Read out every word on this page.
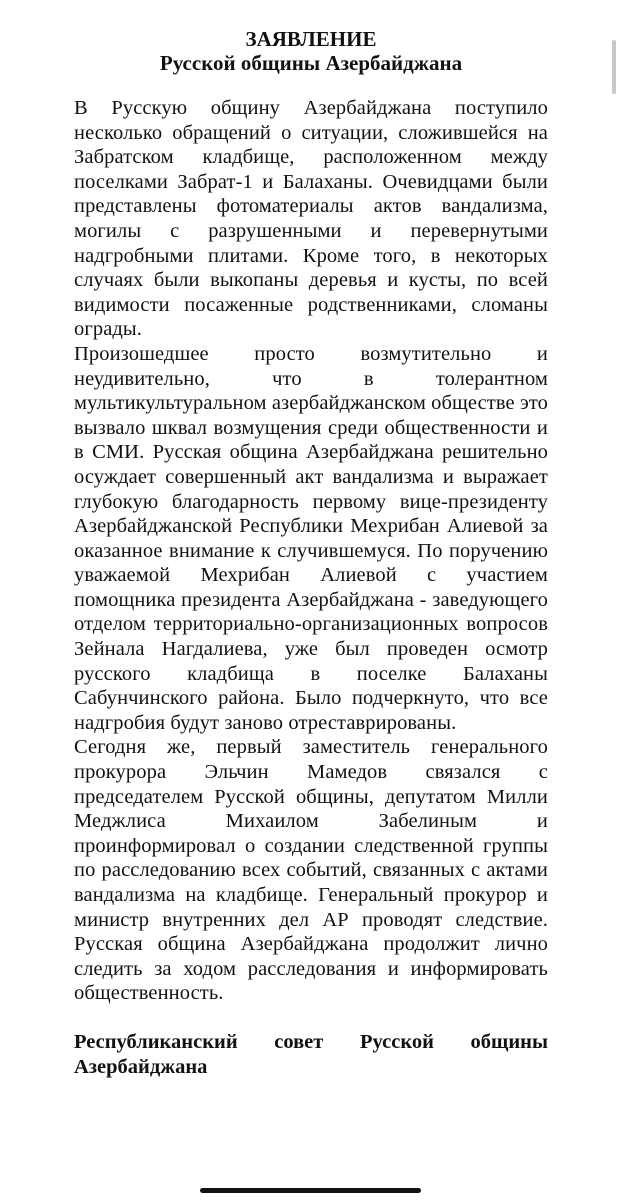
ЗАЯВЛЕНИЕ

Русской общины Азербайджана

В Русскую общину Азербайджана поступило несколько обращений о ситуации, сложившейся на Забратском кладбище, расположенном между поселками Забрат-1 и Балаханы. Очевидцами были представлены фотоматериалы актов вандализма, могилы с разрушенными и перевернутыми надгробными плитами. Кроме того, в некоторых случаях были выкопаны деревья и кусты, по всей видимости посаженные родственниками, сломаны ограды.

Произошедшее просто возмутительно и неудивительно, что в толерантном мультикультуральном азербайджанском обществе это вызвало шквал возмущения среди общественности и в СМИ. Русская община Азербайджана решительно осуждает совершенный акт вандализма и выражает глубокую благодарность первому вице-президенту Азербайджанской Республики Мехрибан Алиевой за оказанное внимание к случившемуся. По поручению уважаемой Мехрибан Алиевой с участием помощника президента Азербайджана - заведующего отделом территориально-организационных вопросов Зейнала Нагдалиева, уже был проведен осмотр русского кладбища в поселке Балаханы Сабунчинского района. Было подчеркнуто, что все надгробия будут заново отреставрированы.

Сегодня же, первый заместитель генерального прокурора Эльчин Мамедов связался с председателем Русской общины, депутатом Милли Меджлиса Михаилом Забелиным и проинформировал о создании следственной группы по расследованию всех событий, связанных с актами вандализма на кладбище. Генеральный прокурор и министр внутренних дел АР проводят следствие. Русская община Азербайджана продолжит лично следить за ходом расследования и информировать общественность.

Республиканский совет Русской общины Азербайджана
